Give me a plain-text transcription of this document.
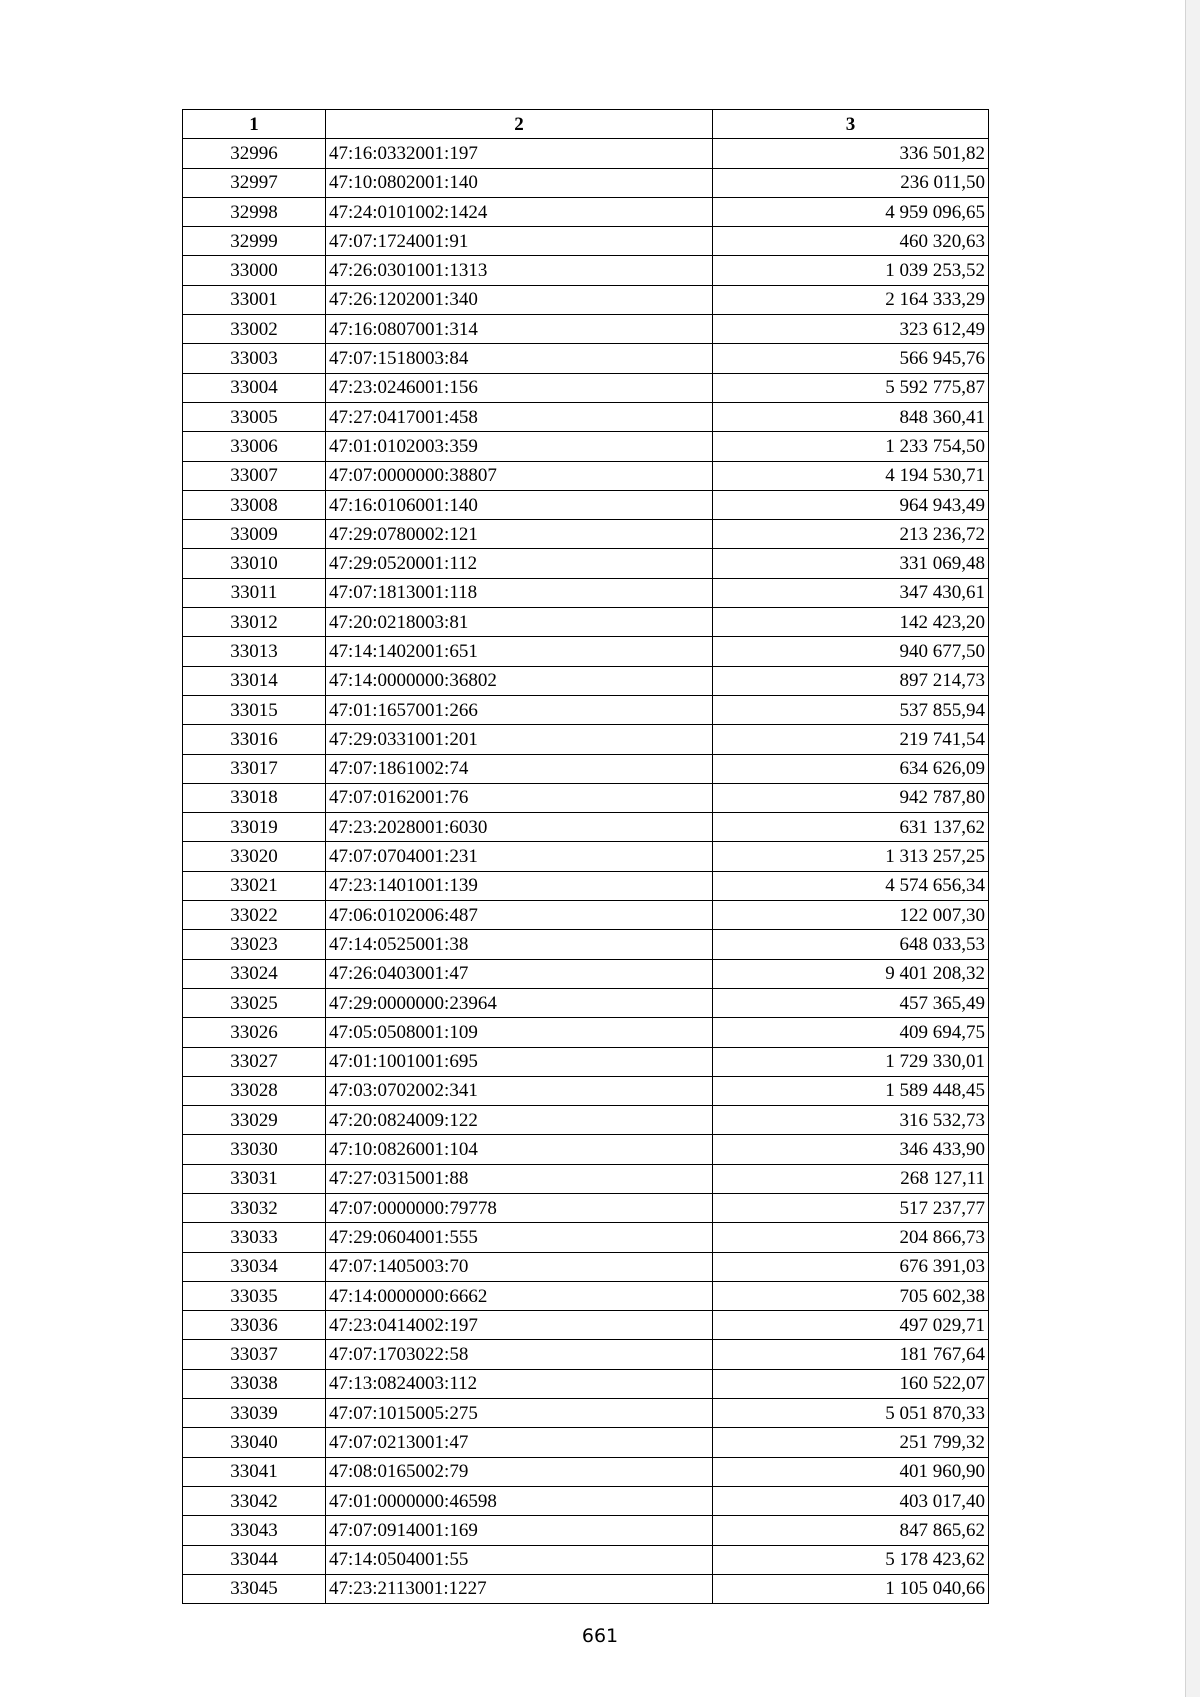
1	2	3
32996	47:16:0332001:197	336 501,82
32997	47:10:0802001:140	236 011,50
32998	47:24:0101002:1424	4 959 096,65
32999	47:07:1724001:91	460 320,63
33000	47:26:0301001:1313	1 039 253,52
33001	47:26:1202001:340	2 164 333,29
33002	47:16:0807001:314	323 612,49
33003	47:07:1518003:84	566 945,76
33004	47:23:0246001:156	5 592 775,87
33005	47:27:0417001:458	848 360,41
33006	47:01:0102003:359	1 233 754,50
33007	47:07:0000000:38807	4 194 530,71
33008	47:16:0106001:140	964 943,49
33009	47:29:0780002:121	213 236,72
33010	47:29:0520001:112	331 069,48
33011	47:07:1813001:118	347 430,61
33012	47:20:0218003:81	142 423,20
33013	47:14:1402001:651	940 677,50
33014	47:14:0000000:36802	897 214,73
33015	47:01:1657001:266	537 855,94
33016	47:29:0331001:201	219 741,54
33017	47:07:1861002:74	634 626,09
33018	47:07:0162001:76	942 787,80
33019	47:23:2028001:6030	631 137,62
33020	47:07:0704001:231	1 313 257,25
33021	47:23:1401001:139	4 574 656,34
33022	47:06:0102006:487	122 007,30
33023	47:14:0525001:38	648 033,53
33024	47:26:0403001:47	9 401 208,32
33025	47:29:0000000:23964	457 365,49
33026	47:05:0508001:109	409 694,75
33027	47:01:1001001:695	1 729 330,01
33028	47:03:0702002:341	1 589 448,45
33029	47:20:0824009:122	316 532,73
33030	47:10:0826001:104	346 433,90
33031	47:27:0315001:88	268 127,11
33032	47:07:0000000:79778	517 237,77
33033	47:29:0604001:555	204 866,73
33034	47:07:1405003:70	676 391,03
33035	47:14:0000000:6662	705 602,38
33036	47:23:0414002:197	497 029,71
33037	47:07:1703022:58	181 767,64
33038	47:13:0824003:112	160 522,07
33039	47:07:1015005:275	5 051 870,33
33040	47:07:0213001:47	251 799,32
33041	47:08:0165002:79	401 960,90
33042	47:01:0000000:46598	403 017,40
33043	47:07:0914001:169	847 865,62
33044	47:14:0504001:55	5 178 423,62
33045	47:23:2113001:1227	1 105 040,66
661
